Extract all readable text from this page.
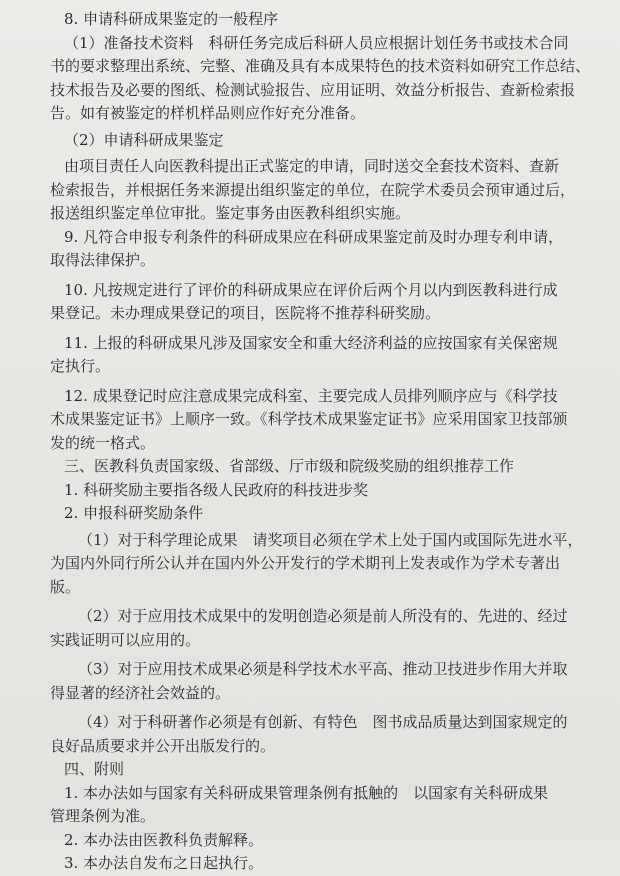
8. 申请科研成果鉴定的一般程序

（1）准备技术资料　科研任务完成后科研人员应根据计划任务书或技术合同

书的要求整理出系统、完整、准确及具有本成果特色的技术资料如研究工作总结、

技术报告及必要的图纸、检测试验报告、应用证明、效益分析报告、查新检索报

告。如有被鉴定的样机样品则应作好充分准备。

（2）申请科研成果鉴定

由项目责任人向医教科提出正式鉴定的申请，同时送交全套技术资料、查新

检索报告，并根据任务来源提出组织鉴定的单位，在院学术委员会预审通过后，

报送组织鉴定单位审批。鉴定事务由医教科组织实施。

9. 凡符合申报专利条件的科研成果应在科研成果鉴定前及时办理专利申请，

取得法律保护。

10. 凡按规定进行了评价的科研成果应在评价后两个月以内到医教科进行成

果登记。未办理成果登记的项目，医院将不推荐科研奖励。

11. 上报的科研成果凡涉及国家安全和重大经济利益的应按国家有关保密规

定执行。

12. 成果登记时应注意成果完成科室、主要完成人员排列顺序应与《科学技

术成果鉴定证书》上顺序一致。《科学技术成果鉴定证书》应采用国家卫技部颁

发的统一格式。

三、医教科负责国家级、省部级、厅市级和院级奖励的组织推荐工作

1. 科研奖励主要指各级人民政府的科技进步奖

2. 申报科研奖励条件

（1）对于科学理论成果　请奖项目必须在学术上处于国内或国际先进水平，

为国内外同行所公认并在国内外公开发行的学术期刊上发表或作为学术专著出

版。

（2）对于应用技术成果中的发明创造必须是前人所没有的、先进的、经过

实践证明可以应用的。

（3）对于应用技术成果必须是科学技术水平高、推动卫技进步作用大并取

得显著的经济社会效益的。

（4）对于科研著作必须是有创新、有特色　图书成品质量达到国家规定的

良好品质要求并公开出版发行的。

四、附则

1. 本办法如与国家有关科研成果管理条例有抵触的　以国家有关科研成果

管理条例为准。

2. 本办法由医教科负责解释。

3. 本办法自发布之日起执行。
